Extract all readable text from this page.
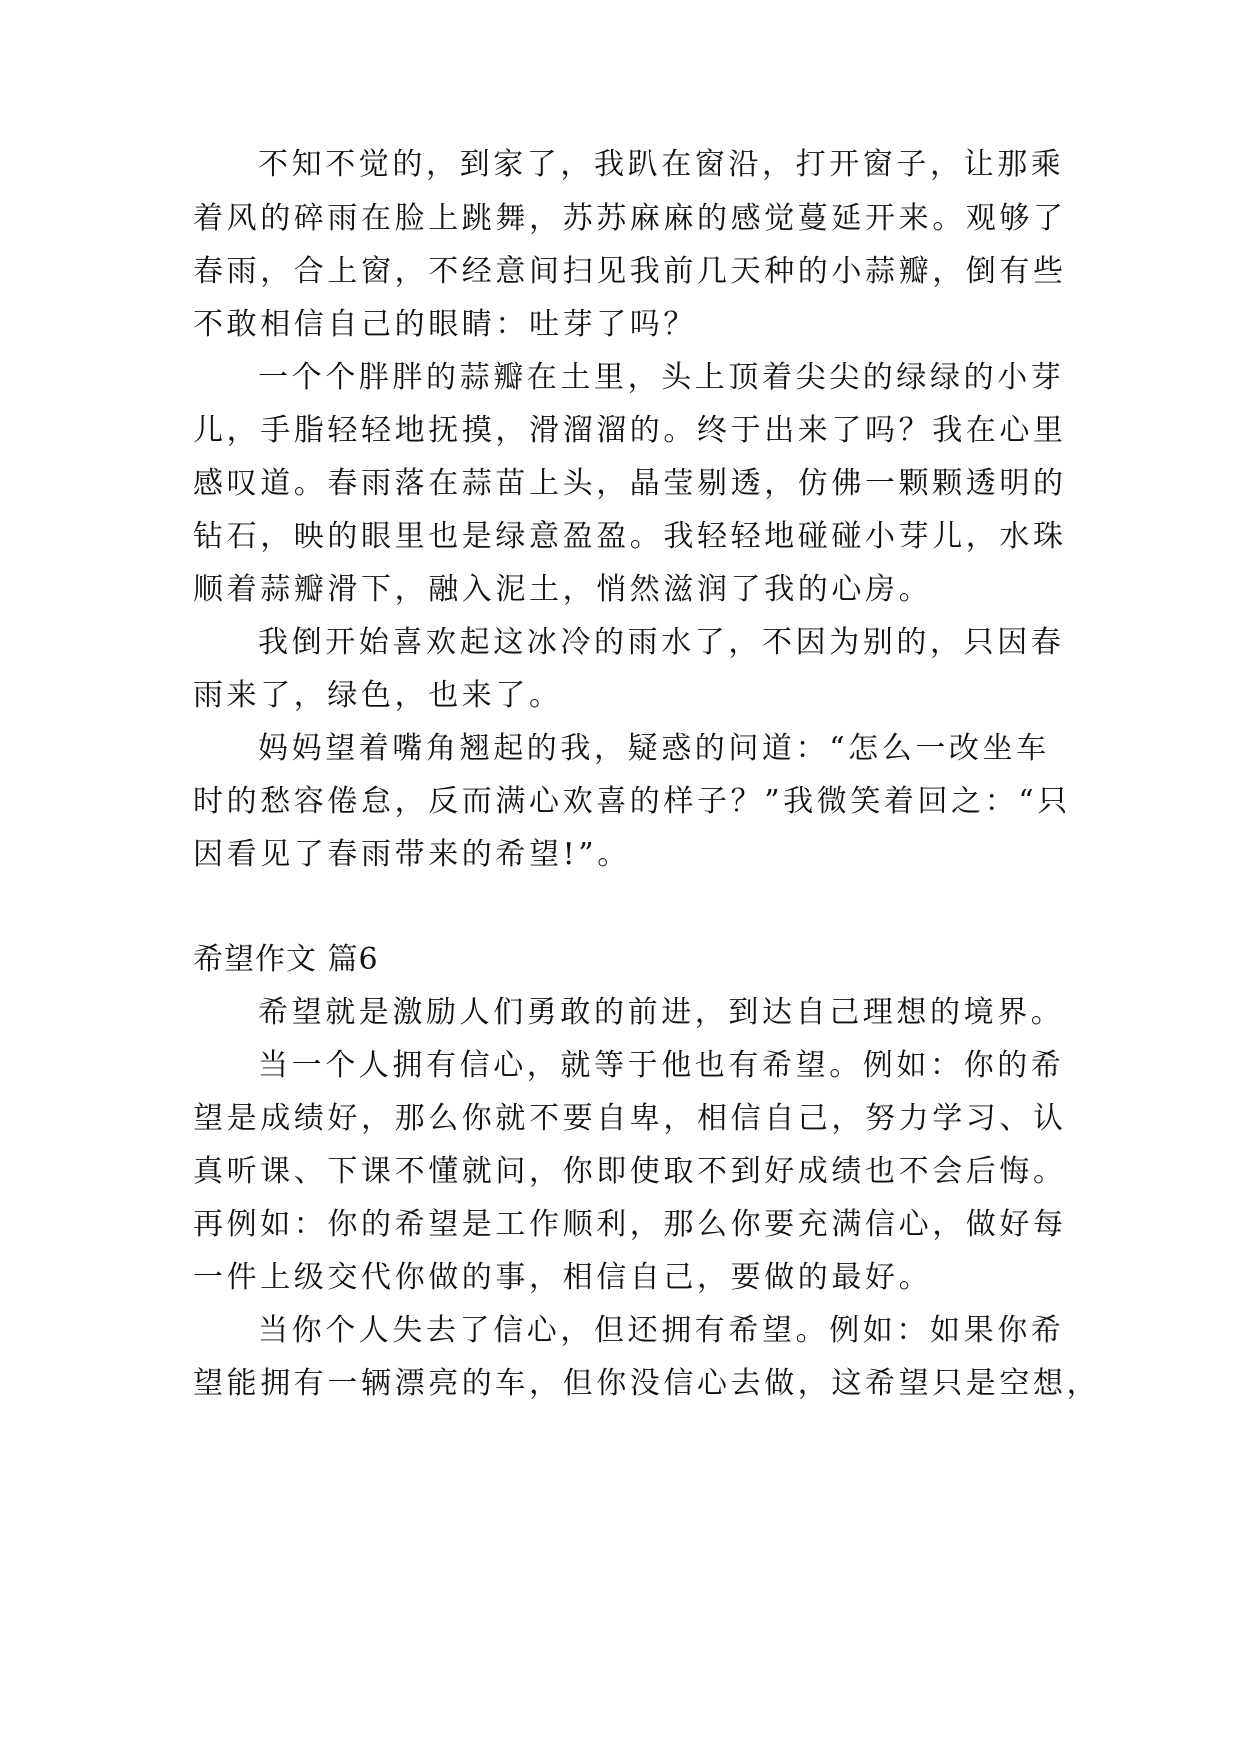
不知不觉的，到家了，我趴在窗沿，打开窗子，让那乘
着风的碎雨在脸上跳舞，苏苏麻麻的感觉蔓延开来。观够了
春雨，合上窗，不经意间扫见我前几天种的小蒜瓣，倒有些
不敢相信自己的眼睛：吐芽了吗？
一个个胖胖的蒜瓣在土里，头上顶着尖尖的绿绿的小芽
儿，手脂轻轻地抚摸，滑溜溜的。终于出来了吗？我在心里
感叹道。春雨落在蒜苗上头，晶莹剔透，仿佛一颗颗透明的
钻石，映的眼里也是绿意盈盈。我轻轻地碰碰小芽儿，水珠
顺着蒜瓣滑下，融入泥土，悄然滋润了我的心房。
我倒开始喜欢起这冰冷的雨水了，不因为别的，只因春
雨来了，绿色，也来了。
妈妈望着嘴角翘起的我，疑惑的问道：“怎么一改坐车
时的愁容倦怠，反而满心欢喜的样子？”我微笑着回之：“只
因看见了春雨带来的希望!”。
希望作文 篇6
希望就是激励人们勇敢的前进，到达自己理想的境界。
当一个人拥有信心，就等于他也有希望。例如：你的希
望是成绩好，那么你就不要自卑，相信自己，努力学习、认
真听课、下课不懂就问，你即使取不到好成绩也不会后悔。
再例如：你的希望是工作顺利，那么你要充满信心，做好每
一件上级交代你做的事，相信自己，要做的最好。
当你个人失去了信心，但还拥有希望。例如：如果你希
望能拥有一辆漂亮的车，但你没信心去做，这希望只是空想，
